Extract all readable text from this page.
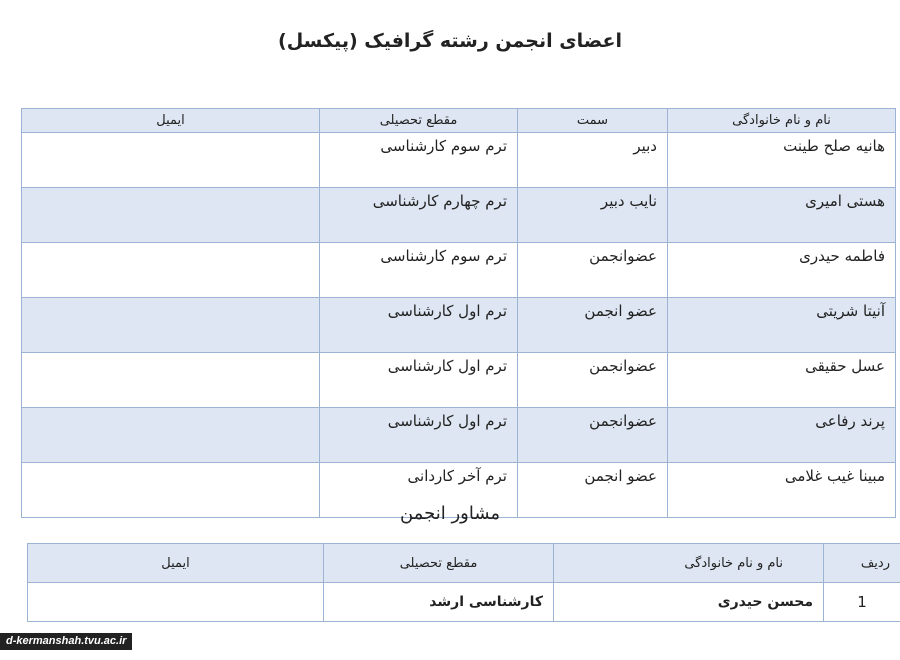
اعضای انجمن رشته گرافیک (پیکسل)
نام و نام خانوادگی	سمت	مقطع تحصیلی	ایمیل
هانیه صلح طینت	دبیر	ترم سوم کارشناسی	
هستی امیری	نایب دبیر	ترم چهارم کارشناسی	
فاطمه حیدری	عضوانجمن	ترم سوم کارشناسی	
آنیتا شریتی	عضو انجمن	ترم اول کارشناسی	
عسل حقیقی	عضوانجمن	ترم اول کارشناسی	
پرند رفاعی	عضوانجمن	ترم اول کارشناسی	
مبینا غیب غلامی	عضو انجمن	ترم آخر کاردانی	
مشاور انجمن
ردیف	نام و نام خانوادگی	مقطع تحصیلی	ایمیل
1	محسن حیدری	کارشناسی ارشد	
d-kermanshah.tvu.ac.ir
